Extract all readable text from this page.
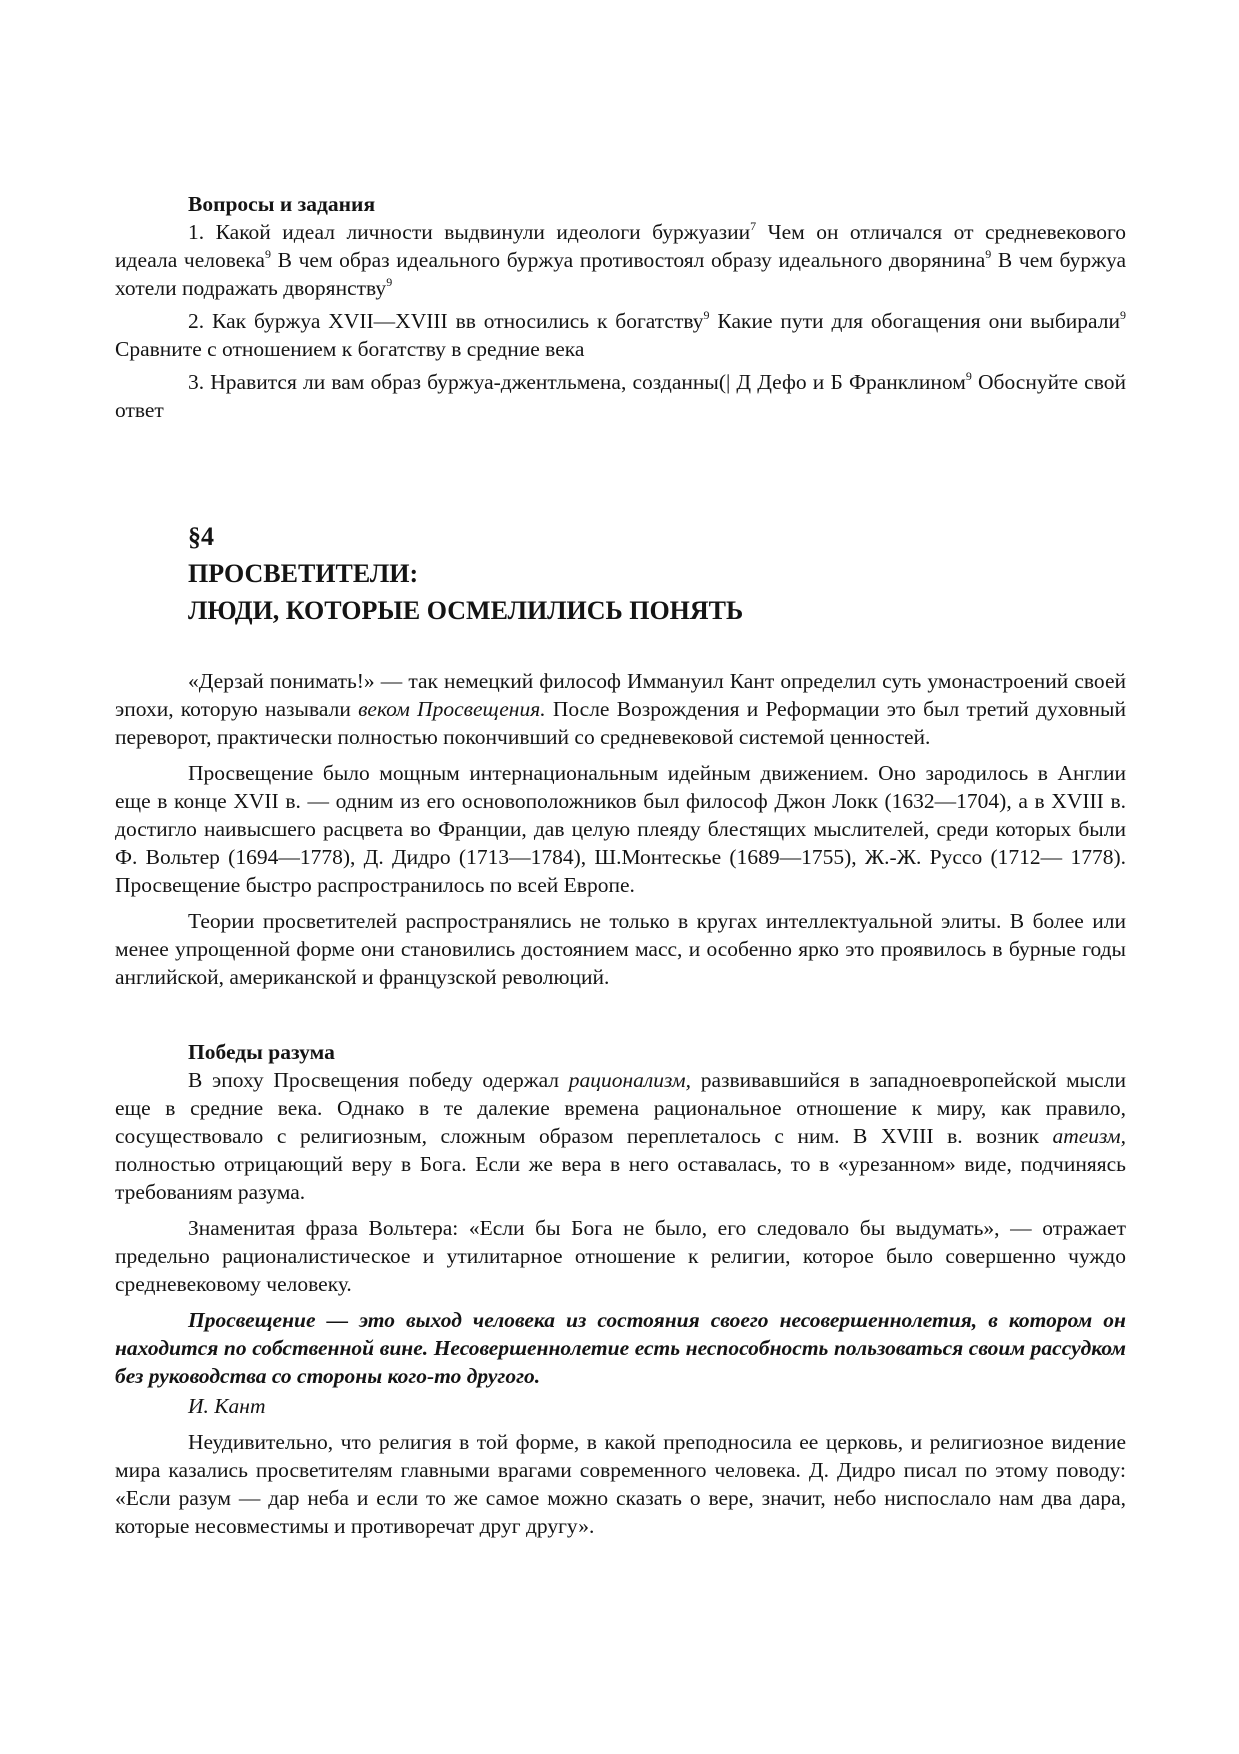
Вопросы и задания

1. Какой идеал личности выдвинули идеологи буржуазии$^7$ Чем он отличался от средневекового идеала человека$^9$ В чем образ идеального буржуа противостоял образу идеального дворянина$^9$ В чем буржуа хотели подражать дворянству$^9$

2. Как буржуа XVII—XVIII вв относились к богатству$^9$ Какие пути для обогащения они выбирали$^9$ Сравните с отношением к богатству в средние века

3. Нравится ли вам образ буржуа-джентльмена, созданны(| Д Дефо и Б Франклином$^9$ Обоснуйте свой ответ

§4
ПРОСВЕТИТЕЛИ:
ЛЮДИ, КОТОРЫЕ ОСМЕЛИЛИСЬ ПОНЯТЬ

«Дерзай понимать!» — так немецкий философ Иммануил Кант определил суть умонастроений своей эпохи, которую называли веком Просвещения. После Возрождения и Реформации это был третий духовный переворот, практически полностью покончивший со средневековой системой ценностей.

Просвещение было мощным интернациональным идейным движением. Оно зародилось в Англии еще в конце XVII в. — одним из его основоположников был философ Джон Локк (1632—1704), а в XVIII в. достигло наивысшего расцвета во Франции, дав целую плеяду блестящих мыслителей, среди которых были Ф. Вольтер (1694—1778), Д. Дидро (1713—1784), Ш.Монтескье (1689—1755), Ж.-Ж. Руссо (1712— 1778). Просвещение быстро распространилось по всей Европе.

Теории просветителей распространялись не только в кругах интеллектуальной элиты. В более или менее упрощенной форме они становились достоянием масс, и особенно ярко это проявилось в бурные годы английской, американской и французской революций.

Победы разума

В эпоху Просвещения победу одержал рационализм, развивавшийся в западноевропейской мысли еще в средние века. Однако в те далекие времена рациональное отношение к миру, как правило, сосуществовало с религиозным, сложным образом переплеталось с ним. В XVIII в. возник атеизм, полностью отрицающий веру в Бога. Если же вера в него оставалась, то в «урезанном» виде, подчиняясь требованиям разума.

Знаменитая фраза Вольтера: «Если бы Бога не было, его следовало бы выдумать», — отражает предельно рационалистическое и утилитарное отношение к религии, которое было совершенно чуждо средневековому человеку.

Просвещение — это выход человека из состояния своего несовершеннолетия, в котором он находится по собственной вине. Несовершеннолетие есть неспособность пользоваться своим рассудком без руководства со стороны кого-то другого.

И. Кант

Неудивительно, что религия в той форме, в какой преподносила ее церковь, и религиозное видение мира казались просветителям главными врагами современного человека. Д. Дидро писал по этому поводу: «Если разум — дар неба и если то же самое можно сказать о вере, значит, небо ниспослало нам два дара, которые несовместимы и противоречат друг другу».
